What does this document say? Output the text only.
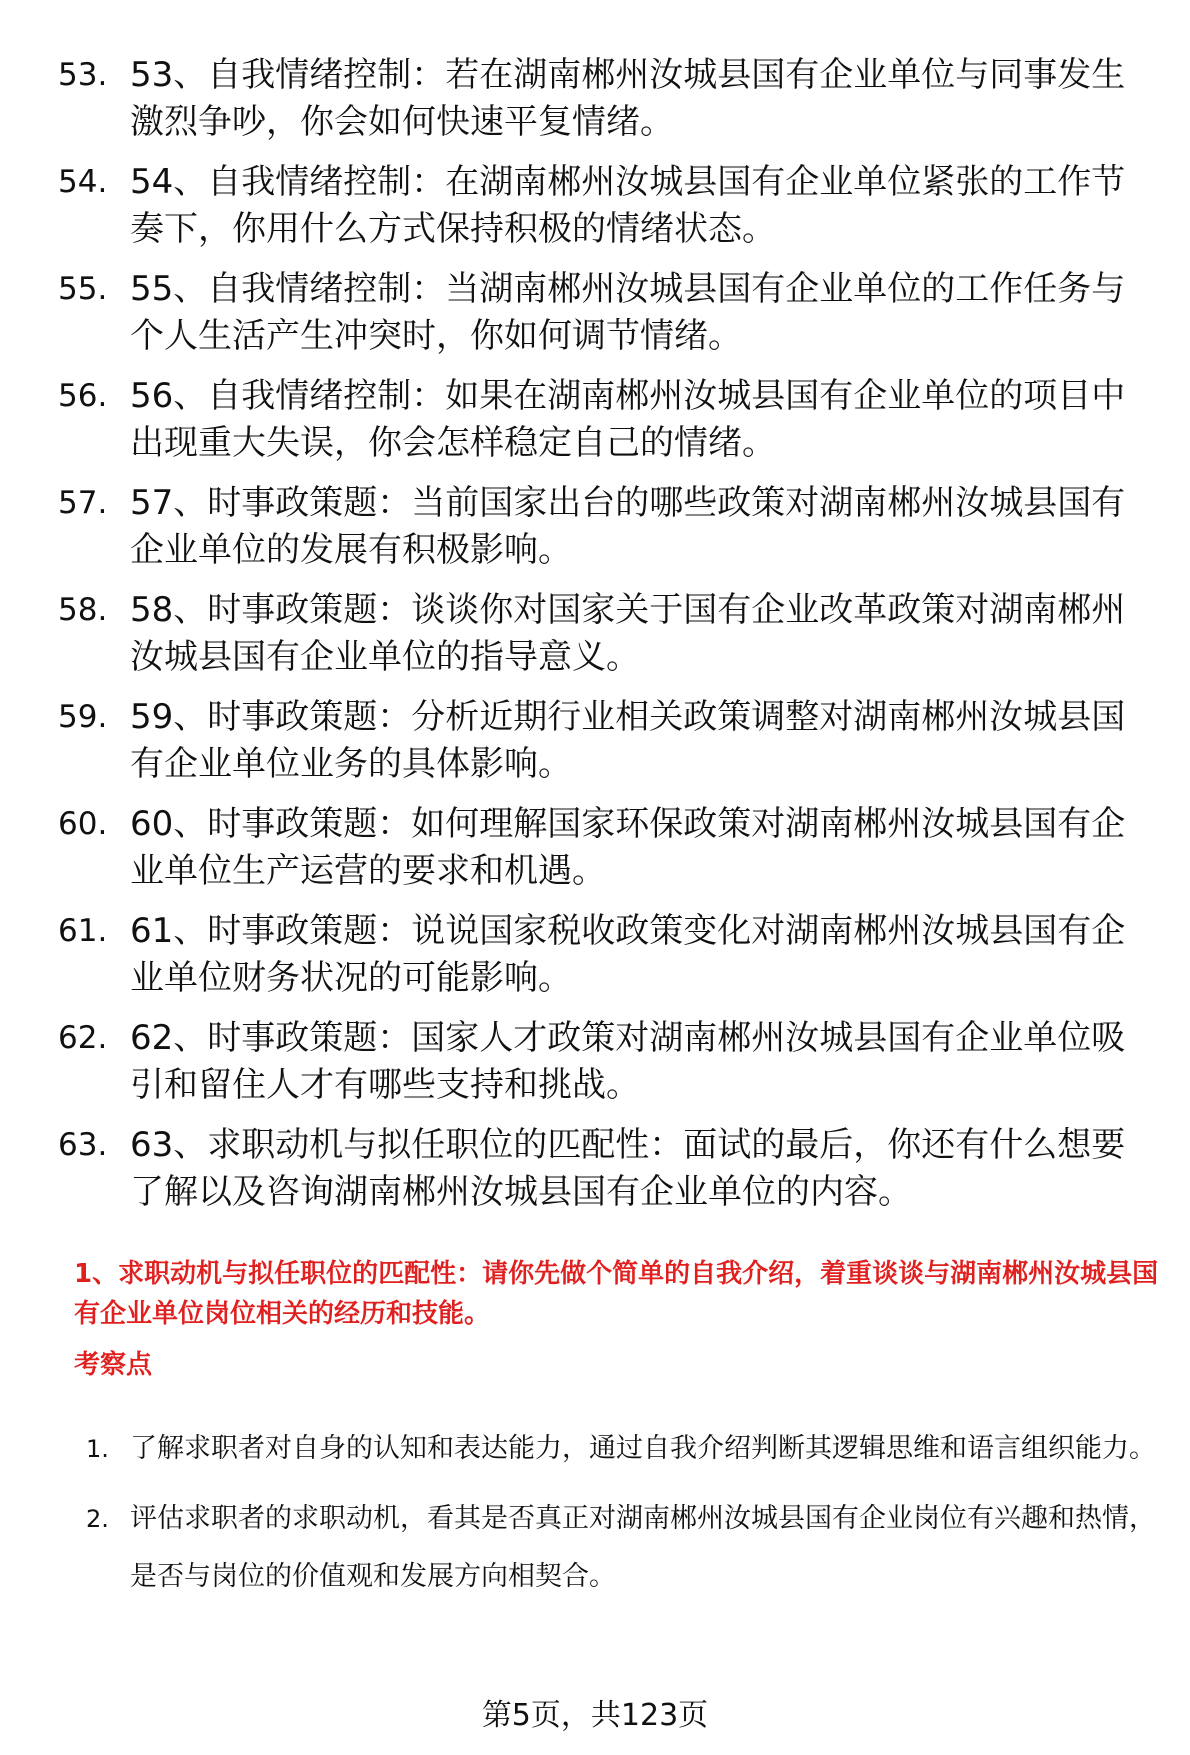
53. 53、自我情绪控制：若在湖南郴州汝城县国有企业单位与同事发生激烈争吵，你会如何快速平复情绪。
54. 54、自我情绪控制：在湖南郴州汝城县国有企业单位紧张的工作节奏下，你用什么方式保持积极的情绪状态。
55. 55、自我情绪控制：当湖南郴州汝城县国有企业单位的工作任务与个人生活产生冲突时，你如何调节情绪。
56. 56、自我情绪控制：如果在湖南郴州汝城县国有企业单位的项目中出现重大失误，你会怎样稳定自己的情绪。
57. 57、时事政策题：当前国家出台的哪些政策对湖南郴州汝城县国有企业单位的发展有积极影响。
58. 58、时事政策题：谈谈你对国家关于国有企业改革政策对湖南郴州汝城县国有企业单位的指导意义。
59. 59、时事政策题：分析近期行业相关政策调整对湖南郴州汝城县国有企业单位业务的具体影响。
60. 60、时事政策题：如何理解国家环保政策对湖南郴州汝城县国有企业单位生产运营的要求和机遇。
61. 61、时事政策题：说说国家税收政策变化对湖南郴州汝城县国有企业单位财务状况的可能影响。
62. 62、时事政策题：国家人才政策对湖南郴州汝城县国有企业单位吸引和留住人才有哪些支持和挑战。
63. 63、求职动机与拟任职位的匹配性：面试的最后，你还有什么想要了解以及咨询湖南郴州汝城县国有企业单位的内容。
1、求职动机与拟任职位的匹配性：请你先做个简单的自我介绍，着重谈谈与湖南郴州汝城县国有企业单位岗位相关的经历和技能。
考察点
1. 了解求职者对自身的认知和表达能力，通过自我介绍判断其逻辑思维和语言组织能力。
2. 评估求职者的求职动机，看其是否真正对湖南郴州汝城县国有企业岗位有兴趣和热情，是否与岗位的价值观和发展方向相契合。
第5页，共123页
